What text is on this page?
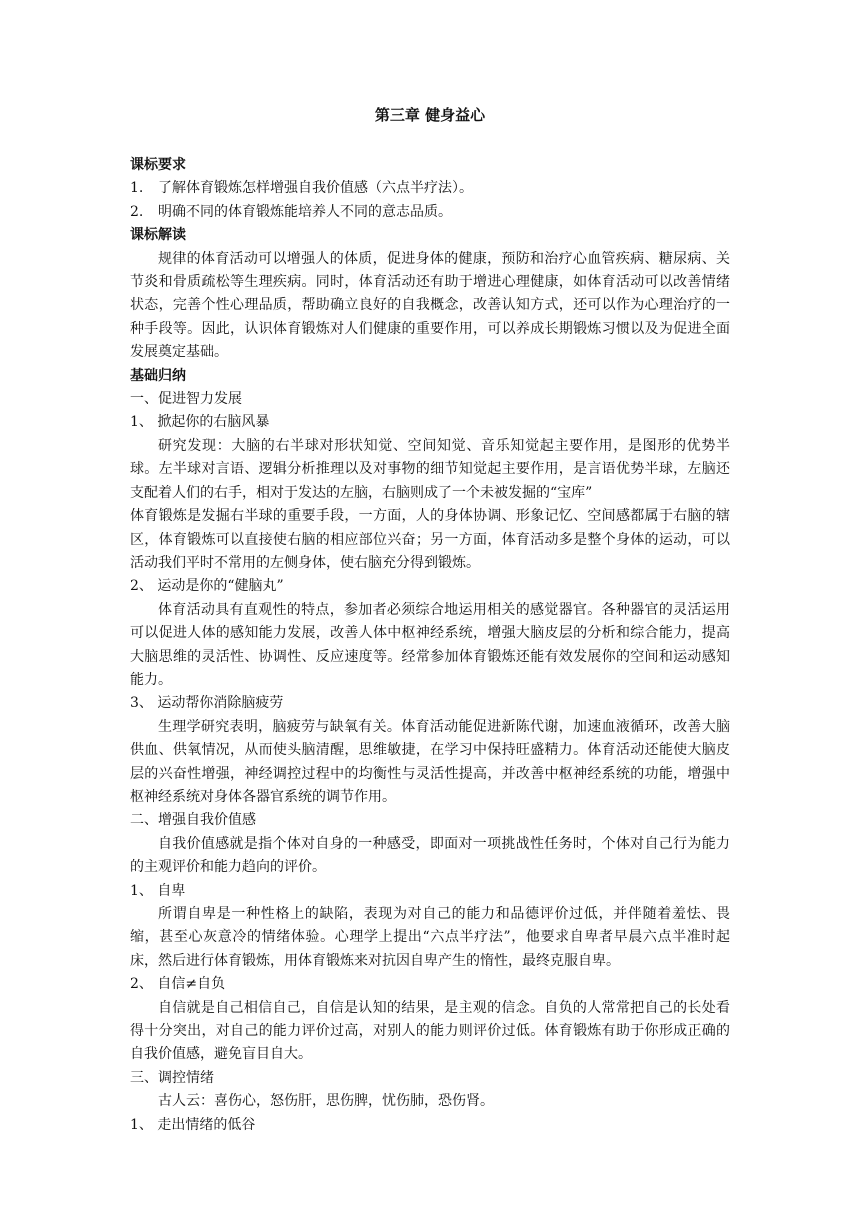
第三章 健身益心
课标要求

1. 了解体育锻炼怎样增强自我价值感（六点半疗法）。

2. 明确不同的体育锻炼能培养人不同的意志品质。

课标解读

规律的体育活动可以增强人的体质，促进身体的健康，预防和治疗心血管疾病、糖尿病、关节炎和骨质疏松等生理疾病。同时，体育活动还有助于增进心理健康，如体育活动可以改善情绪状态，完善个性心理品质，帮助确立良好的自我概念，改善认知方式，还可以作为心理治疗的一种手段等。因此，认识体育锻炼对人们健康的重要作用，可以养成长期锻炼习惯以及为促进全面发展奠定基础。

基础归纳

一、促进智力发展

1、 掀起你的右脑风暴

研究发现：大脑的右半球对形状知觉、空间知觉、音乐知觉起主要作用，是图形的优势半球。左半球对言语、逻辑分析推理以及对事物的细节知觉起主要作用，是言语优势半球，左脑还支配着人们的右手，相对于发达的左脑，右脑则成了一个未被发掘的“宝库”

体育锻炼是发掘右半球的重要手段，一方面，人的身体协调、形象记忆、空间感都属于右脑的辖区，体育锻炼可以直接使右脑的相应部位兴奋；另一方面，体育活动多是整个身体的运动，可以活动我们平时不常用的左侧身体，使右脑充分得到锻炼。

2、 运动是你的“健脑丸”

体育活动具有直观性的特点，参加者必须综合地运用相关的感觉器官。各种器官的灵活运用可以促进人体的感知能力发展，改善人体中枢神经系统，增强大脑皮层的分析和综合能力，提高大脑思维的灵活性、协调性、反应速度等。经常参加体育锻炼还能有效发展你的空间和运动感知能力。

3、 运动帮你消除脑疲劳

生理学研究表明，脑疲劳与缺氧有关。体育活动能促进新陈代谢，加速血液循环，改善大脑供血、供氧情况，从而使头脑清醒，思维敏捷，在学习中保持旺盛精力。体育活动还能使大脑皮层的兴奋性增强，神经调控过程中的均衡性与灵活性提高，并改善中枢神经系统的功能，增强中枢神经系统对身体各器官系统的调节作用。

二、增强自我价值感

自我价值感就是指个体对自身的一种感受，即面对一项挑战性任务时，个体对自己行为能力的主观评价和能力趋向的评价。

1、 自卑

所谓自卑是一种性格上的缺陷，表现为对自己的能力和品德评价过低，并伴随着羞怯、畏缩，甚至心灰意冷的情绪体验。心理学上提出“六点半疗法”，他要求自卑者早晨六点半准时起床，然后进行体育锻炼，用体育锻炼来对抗因自卑产生的惰性，最终克服自卑。

2、 自信≠自负

自信就是自己相信自己，自信是认知的结果，是主观的信念。自负的人常常把自己的长处看得十分突出，对自己的能力评价过高，对别人的能力则评价过低。体育锻炼有助于你形成正确的自我价值感，避免盲目自大。

三、调控情绪

古人云：喜伤心，怒伤肝，思伤脾，忧伤肺，恐伤肾。

1、 走出情绪的低谷
